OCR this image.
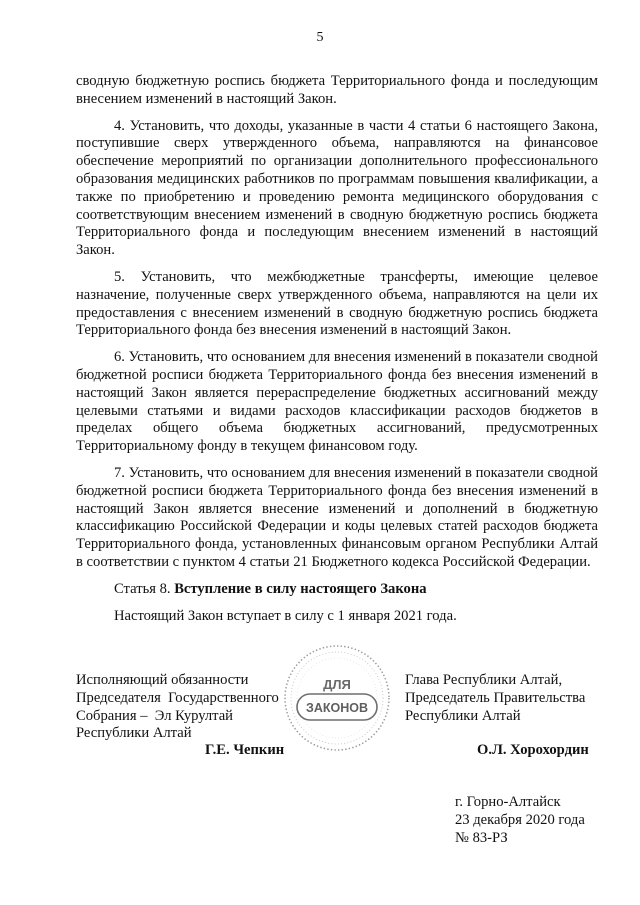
5

сводную бюджетную роспись бюджета Территориального фонда и последующим внесением изменений в настоящий Закон.

4. Установить, что доходы, указанные в части 4 статьи 6 настоящего Закона, поступившие сверх утвержденного объема, направляются на финансовое обеспечение мероприятий по организации дополнительного профессионального образования медицинских работников по программам повышения квалификации, а также по приобретению и проведению ремонта медицинского оборудования с соответствующим внесением изменений в сводную бюджетную роспись бюджета Территориального фонда и последующим внесением изменений в настоящий Закон.

5. Установить, что межбюджетные трансферты, имеющие целевое назначение, полученные сверх утвержденного объема, направляются на цели их предоставления с внесением изменений в сводную бюджетную роспись бюджета Территориального фонда без внесения изменений в настоящий Закон.

6. Установить, что основанием для внесения изменений в показатели сводной бюджетной росписи бюджета Территориального фонда без внесения изменений в настоящий Закон является перераспределение бюджетных ассигнований между целевыми статьями и видами расходов классификации расходов бюджетов в пределах общего объема бюджетных ассигнований, предусмотренных Территориальному фонду в текущем финансовом году.

7. Установить, что основанием для внесения изменений в показатели сводной бюджетной росписи бюджета Территориального фонда без внесения изменений в настоящий Закон является внесение изменений и дополнений в бюджетную классификацию Российской Федерации и коды целевых статей расходов бюджета Территориального фонда, установленных финансовым органом Республики Алтай в соответствии с пунктом 4 статьи 21 Бюджетного кодекса Российской Федерации.

Статья 8. Вступление в силу настоящего Закона

Настоящий Закон вступает в силу с 1 января 2021 года.

Исполняющий обязанности
Председателя  Государственного
Собрания –  Эл Курултай
Республики Алтай
ДЛЯ
ЗАКОНОВ
Г.Е. Чепкин
Глава Республики Алтай,
Председатель Правительства
Республики Алтай
О.Л. Хорохордин
г. Горно-Алтайск
23 декабря 2020 года
№ 83-РЗ
